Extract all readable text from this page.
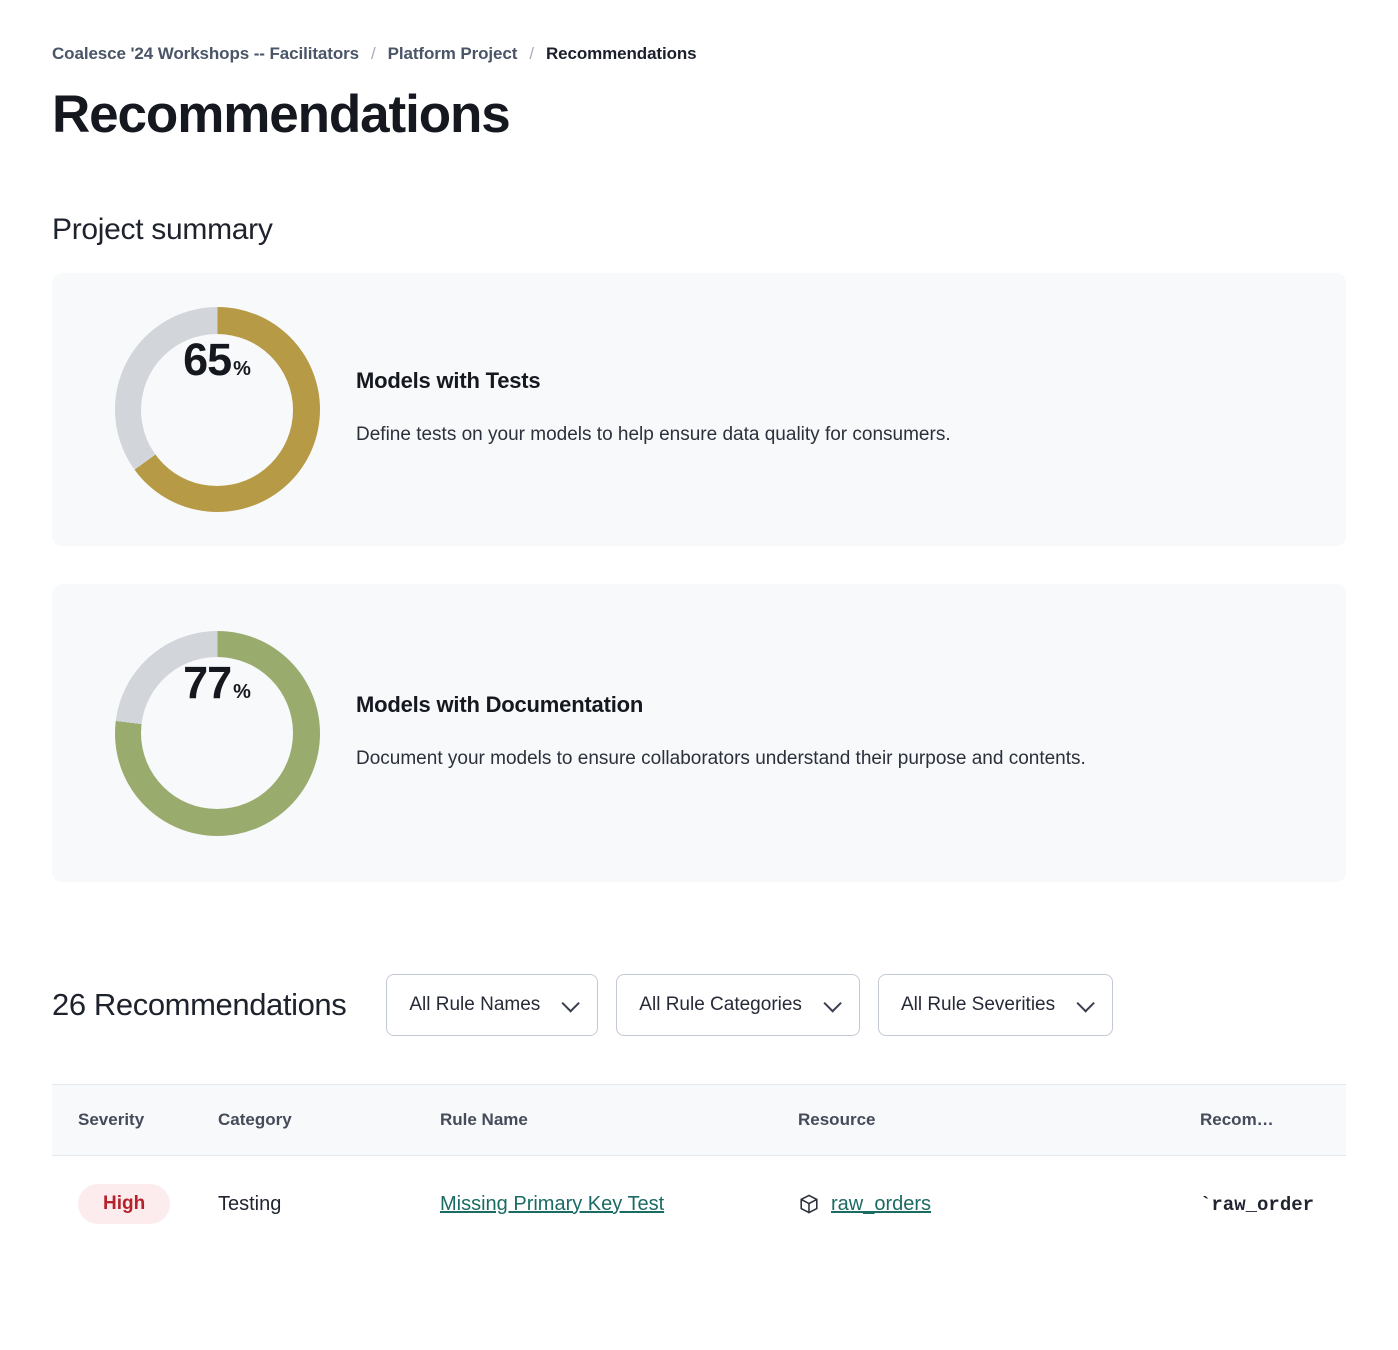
Coalesce '24 Workshops -- Facilitators / Platform Project / Recommendations
Recommendations
Project summary
65 %	Models with Tests

Define tests on your models to help ensure data quality for consumers.

77 %	Models with Documentation

Document your models to ensure collaborators understand their purpose and contents.

26 Recommendations	All Rule Names	All Rule Categories	All Rule Severities
Severity	Category	Rule Name	Resource	Recom…
High	Testing	Missing Primary Key Test	raw_orders	`raw_order
